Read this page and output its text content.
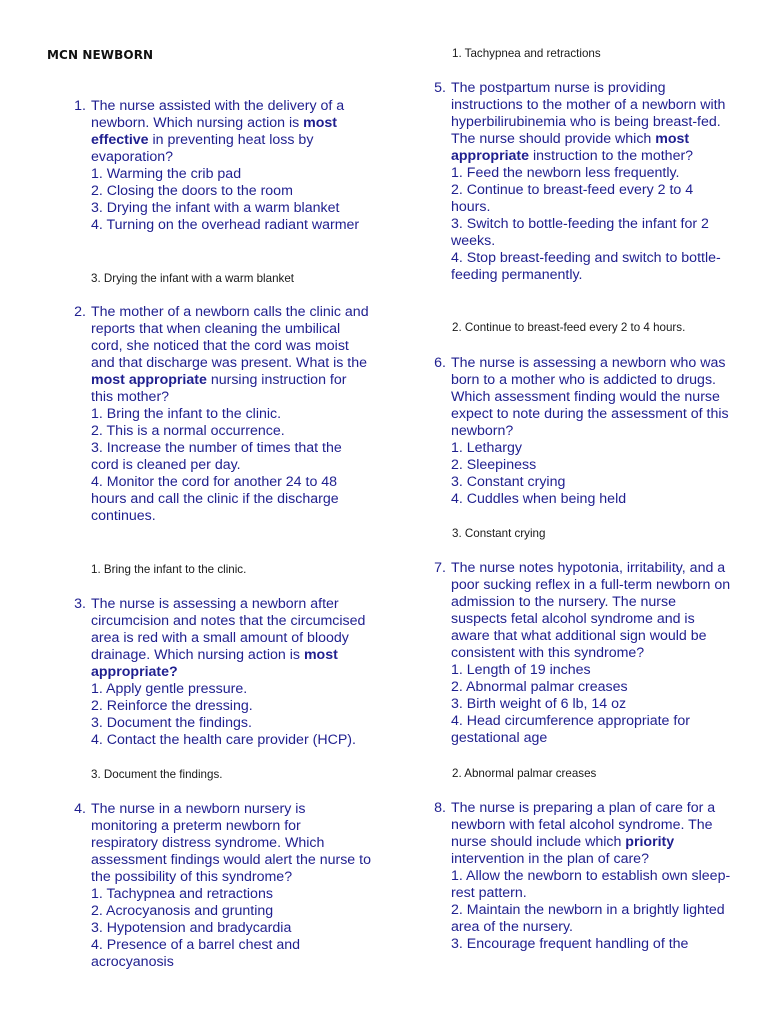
MCN NEWBORN
1. The nurse assisted with the delivery of a newborn. Which nursing action is most effective in preventing heat loss by evaporation?
1. Warming the crib pad
2. Closing the doors to the room
3. Drying the infant with a warm blanket
4. Turning on the overhead radiant warmer
3. Drying the infant with a warm blanket
2. The mother of a newborn calls the clinic and reports that when cleaning the umbilical cord, she noticed that the cord was moist and that discharge was present. What is the most appropriate nursing instruction for this mother?
1. Bring the infant to the clinic.
2. This is a normal occurrence.
3. Increase the number of times that the cord is cleaned per day.
4. Monitor the cord for another 24 to 48 hours and call the clinic if the discharge continues.
1. Bring the infant to the clinic.
3. The nurse is assessing a newborn after circumcision and notes that the circumcised area is red with a small amount of bloody drainage. Which nursing action is most appropriate?
1. Apply gentle pressure.
2. Reinforce the dressing.
3. Document the findings.
4. Contact the health care provider (HCP).
3. Document the findings.
4. The nurse in a newborn nursery is monitoring a preterm newborn for respiratory distress syndrome. Which assessment findings would alert the nurse to the possibility of this syndrome?
1. Tachypnea and retractions
2. Acrocyanosis and grunting
3. Hypotension and bradycardia
4. Presence of a barrel chest and acrocyanosis
1. Tachypnea and retractions
5. The postpartum nurse is providing instructions to the mother of a newborn with hyperbilirubinemia who is being breast-fed. The nurse should provide which most appropriate instruction to the mother?
1. Feed the newborn less frequently.
2. Continue to breast-feed every 2 to 4 hours.
3. Switch to bottle-feeding the infant for 2 weeks.
4. Stop breast-feeding and switch to bottle-feeding permanently.
2. Continue to breast-feed every 2 to 4 hours.
6. The nurse is assessing a newborn who was born to a mother who is addicted to drugs. Which assessment finding would the nurse expect to note during the assessment of this newborn?
1. Lethargy
2. Sleepiness
3. Constant crying
4. Cuddles when being held
3. Constant crying
7. The nurse notes hypotonia, irritability, and a poor sucking reflex in a full-term newborn on admission to the nursery. The nurse suspects fetal alcohol syndrome and is aware that what additional sign would be consistent with this syndrome?
1. Length of 19 inches
2. Abnormal palmar creases
3. Birth weight of 6 lb, 14 oz
4. Head circumference appropriate for gestational age
2. Abnormal palmar creases
8. The nurse is preparing a plan of care for a newborn with fetal alcohol syndrome. The nurse should include which priority intervention in the plan of care?
1. Allow the newborn to establish own sleep-rest pattern.
2. Maintain the newborn in a brightly lighted area of the nursery.
3. Encourage frequent handling of the
